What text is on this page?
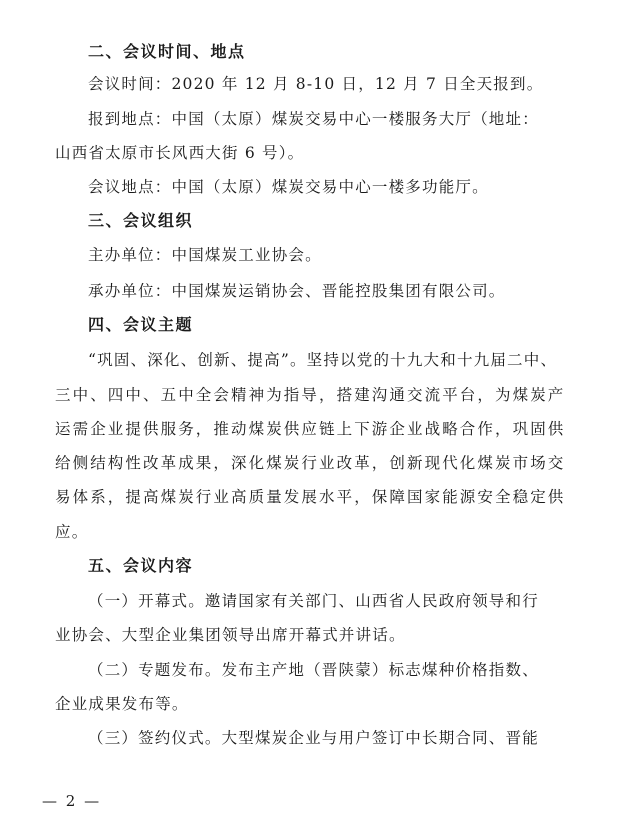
二、会议时间、地点
会议时间：2020 年 12 月 8-10 日，12 月 7 日全天报到。
报到地点：中国（太原）煤炭交易中心一楼服务大厅（地址：
山西省太原市长风西大街 6 号）。
会议地点：中国（太原）煤炭交易中心一楼多功能厅。
三、会议组织
主办单位：中国煤炭工业协会。
承办单位：中国煤炭运销协会、晋能控股集团有限公司。
四、会议主题
“巩固、深化、创新、提高”。坚持以党的十九大和十九届二中、
三中、四中、五中全会精神为指导，搭建沟通交流平台，为煤炭产
运需企业提供服务，推动煤炭供应链上下游企业战略合作，巩固供
给侧结构性改革成果，深化煤炭行业改革，创新现代化煤炭市场交
易体系，提高煤炭行业高质量发展水平，保障国家能源安全稳定供
应。
五、会议内容
（一）开幕式。邀请国家有关部门、山西省人民政府领导和行
业协会、大型企业集团领导出席开幕式并讲话。
（二）专题发布。发布主产地（晋陕蒙）标志煤种价格指数、
企业成果发布等。
（三）签约仪式。大型煤炭企业与用户签订中长期合同、晋能
— 2 —
